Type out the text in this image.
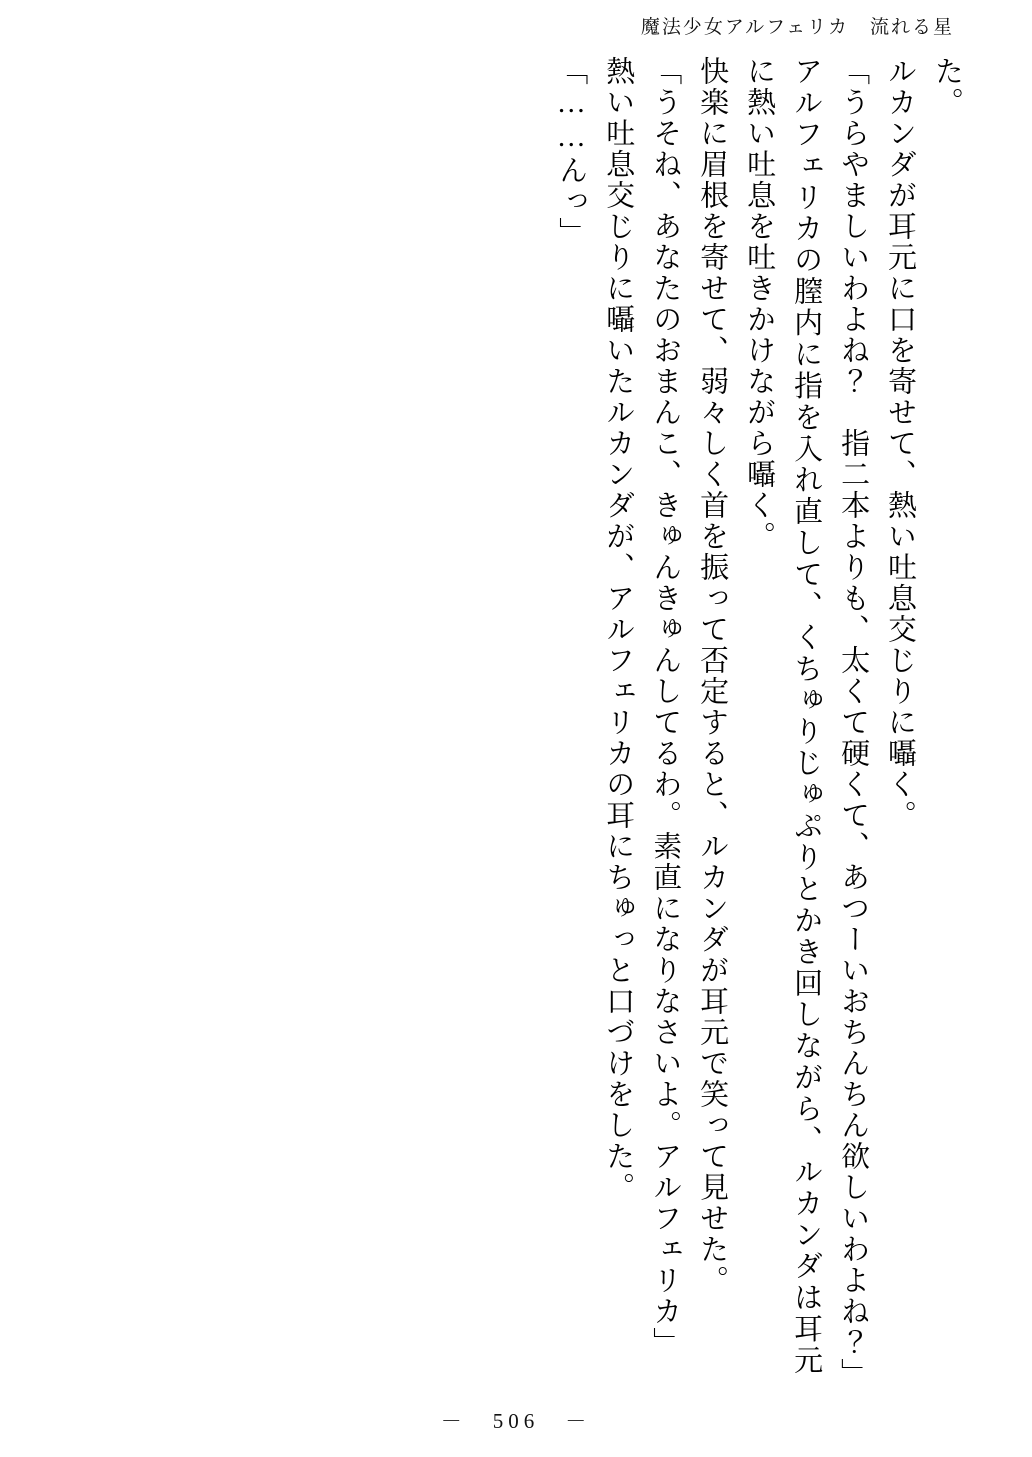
魔法少女アルフェリカ　流れる星

た。

ルカンダが耳元に口を寄せて、熱い吐息交じりに囁く。

「うらやましいわよね？　指二本よりも、太くて硬くて、あつーいおちんちん欲しいわよね？」

アルフェリカの膣内に指を入れ直して、くちゅりじゅぷりとかき回しながら、ルカンダは耳元に熱い吐息を吐きかけながら囁く。

快楽に眉根を寄せて、弱々しく首を振って否定すると、ルカンダが耳元で笑って見せた。

「うそね、あなたのおまんこ、きゅんきゅんしてるわ。素直になりなさいよ。アルフェリカ」

熱い吐息交じりに囁いたルカンダが、アルフェリカの耳にちゅっと口づけをした。

「……んっ」

－　506　－
